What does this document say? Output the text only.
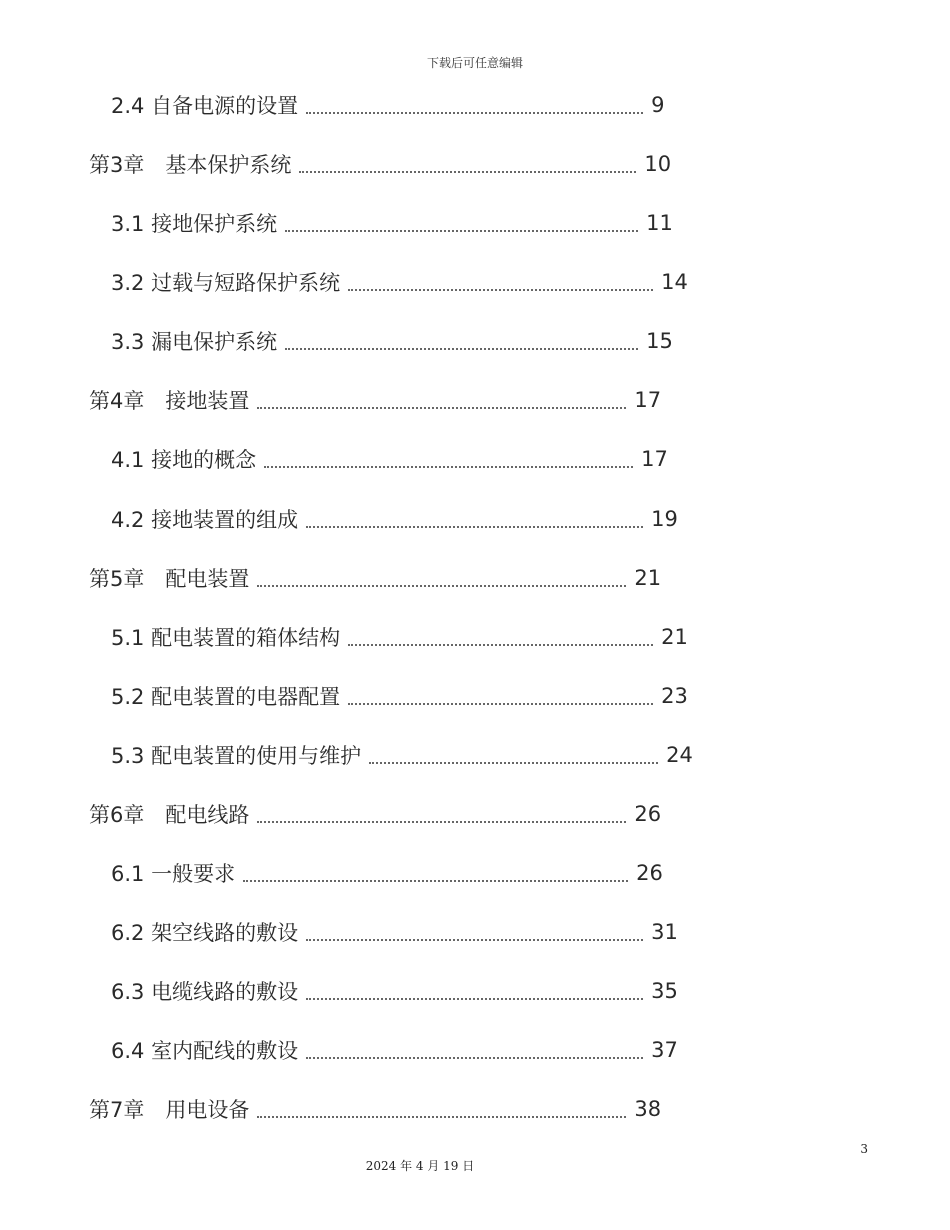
下载后可任意编辑
2.4 自备电源的设置	9
第3章　基本保护系统	10
3.1 接地保护系统	11
3.2 过载与短路保护系统	14
3.3 漏电保护系统	15
第4章　接地装置	17
4.1 接地的概念	17
4.2 接地装置的组成	19
第5章　配电装置	21
5.1 配电装置的箱体结构	21
5.2 配电装置的电器配置	23
5.3 配电装置的使用与维护	24
第6章　配电线路	26
6.1 一般要求	26
6.2 架空线路的敷设	31
6.3 电缆线路的敷设	35
6.4 室内配线的敷设	37
第7章　用电设备	38
3
2024 年 4 月 19 日
